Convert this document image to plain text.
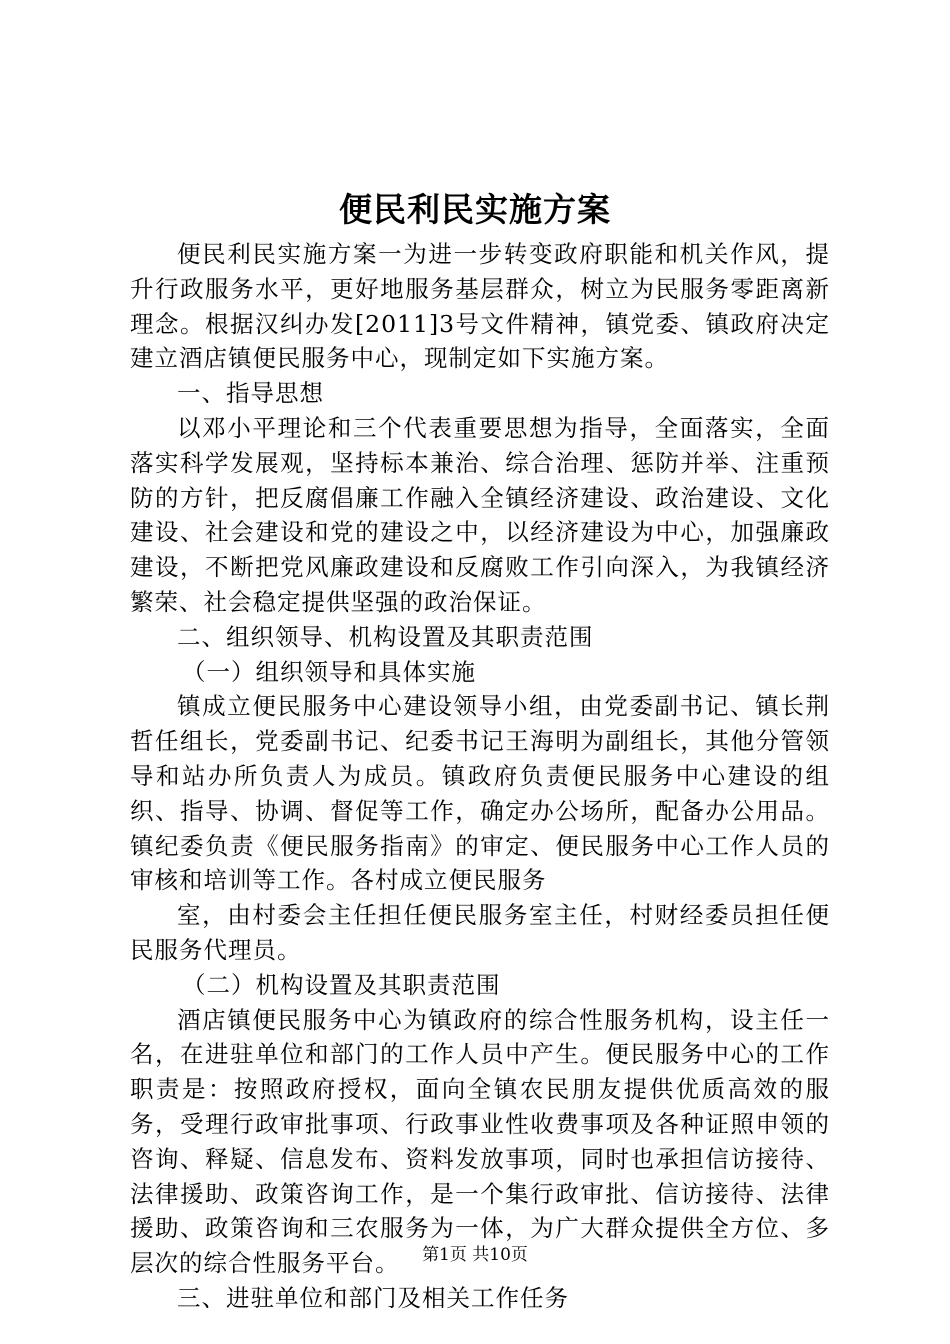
便民利民实施方案

便民利民实施方案一为进一步转变政府职能和机关作风，提升行政服务水平，更好地服务基层群众，树立为民服务零距离新理念。根据汉纠办发[2011]3号文件精神，镇党委、镇政府决定建立酒店镇便民服务中心，现制定如下实施方案。

一、指导思想

以邓小平理论和三个代表重要思想为指导，全面落实，全面落实科学发展观，坚持标本兼治、综合治理、惩防并举、注重预防的方针，把反腐倡廉工作融入全镇经济建设、政治建设、文化建设、社会建设和党的建设之中，以经济建设为中心，加强廉政建设，不断把党风廉政建设和反腐败工作引向深入，为我镇经济繁荣、社会稳定提供坚强的政治保证。

二、组织领导、机构设置及其职责范围

（一）组织领导和具体实施

镇成立便民服务中心建设领导小组，由党委副书记、镇长荆哲任组长，党委副书记、纪委书记王海明为副组长，其他分管领导和站办所负责人为成员。镇政府负责便民服务中心建设的组织、指导、协调、督促等工作，确定办公场所，配备办公用品。镇纪委负责《便民服务指南》的审定、便民服务中心工作人员的审核和培训等工作。各村成立便民服务

室，由村委会主任担任便民服务室主任，村财经委员担任便民服务代理员。

（二）机构设置及其职责范围

酒店镇便民服务中心为镇政府的综合性服务机构，设主任一名，在进驻单位和部门的工作人员中产生。便民服务中心的工作职责是：按照政府授权，面向全镇农民朋友提供优质高效的服务，受理行政审批事项、行政事业性收费事项及各种证照申领的咨询、释疑、信息发布、资料发放事项，同时也承担信访接待、法律援助、政策咨询工作，是一个集行政审批、信访接待、法律援助、政策咨询和三农服务为一体，为广大群众提供全方位、多层次的综合性服务平台。

三、进驻单位和部门及相关工作任务

第1页 共10页
